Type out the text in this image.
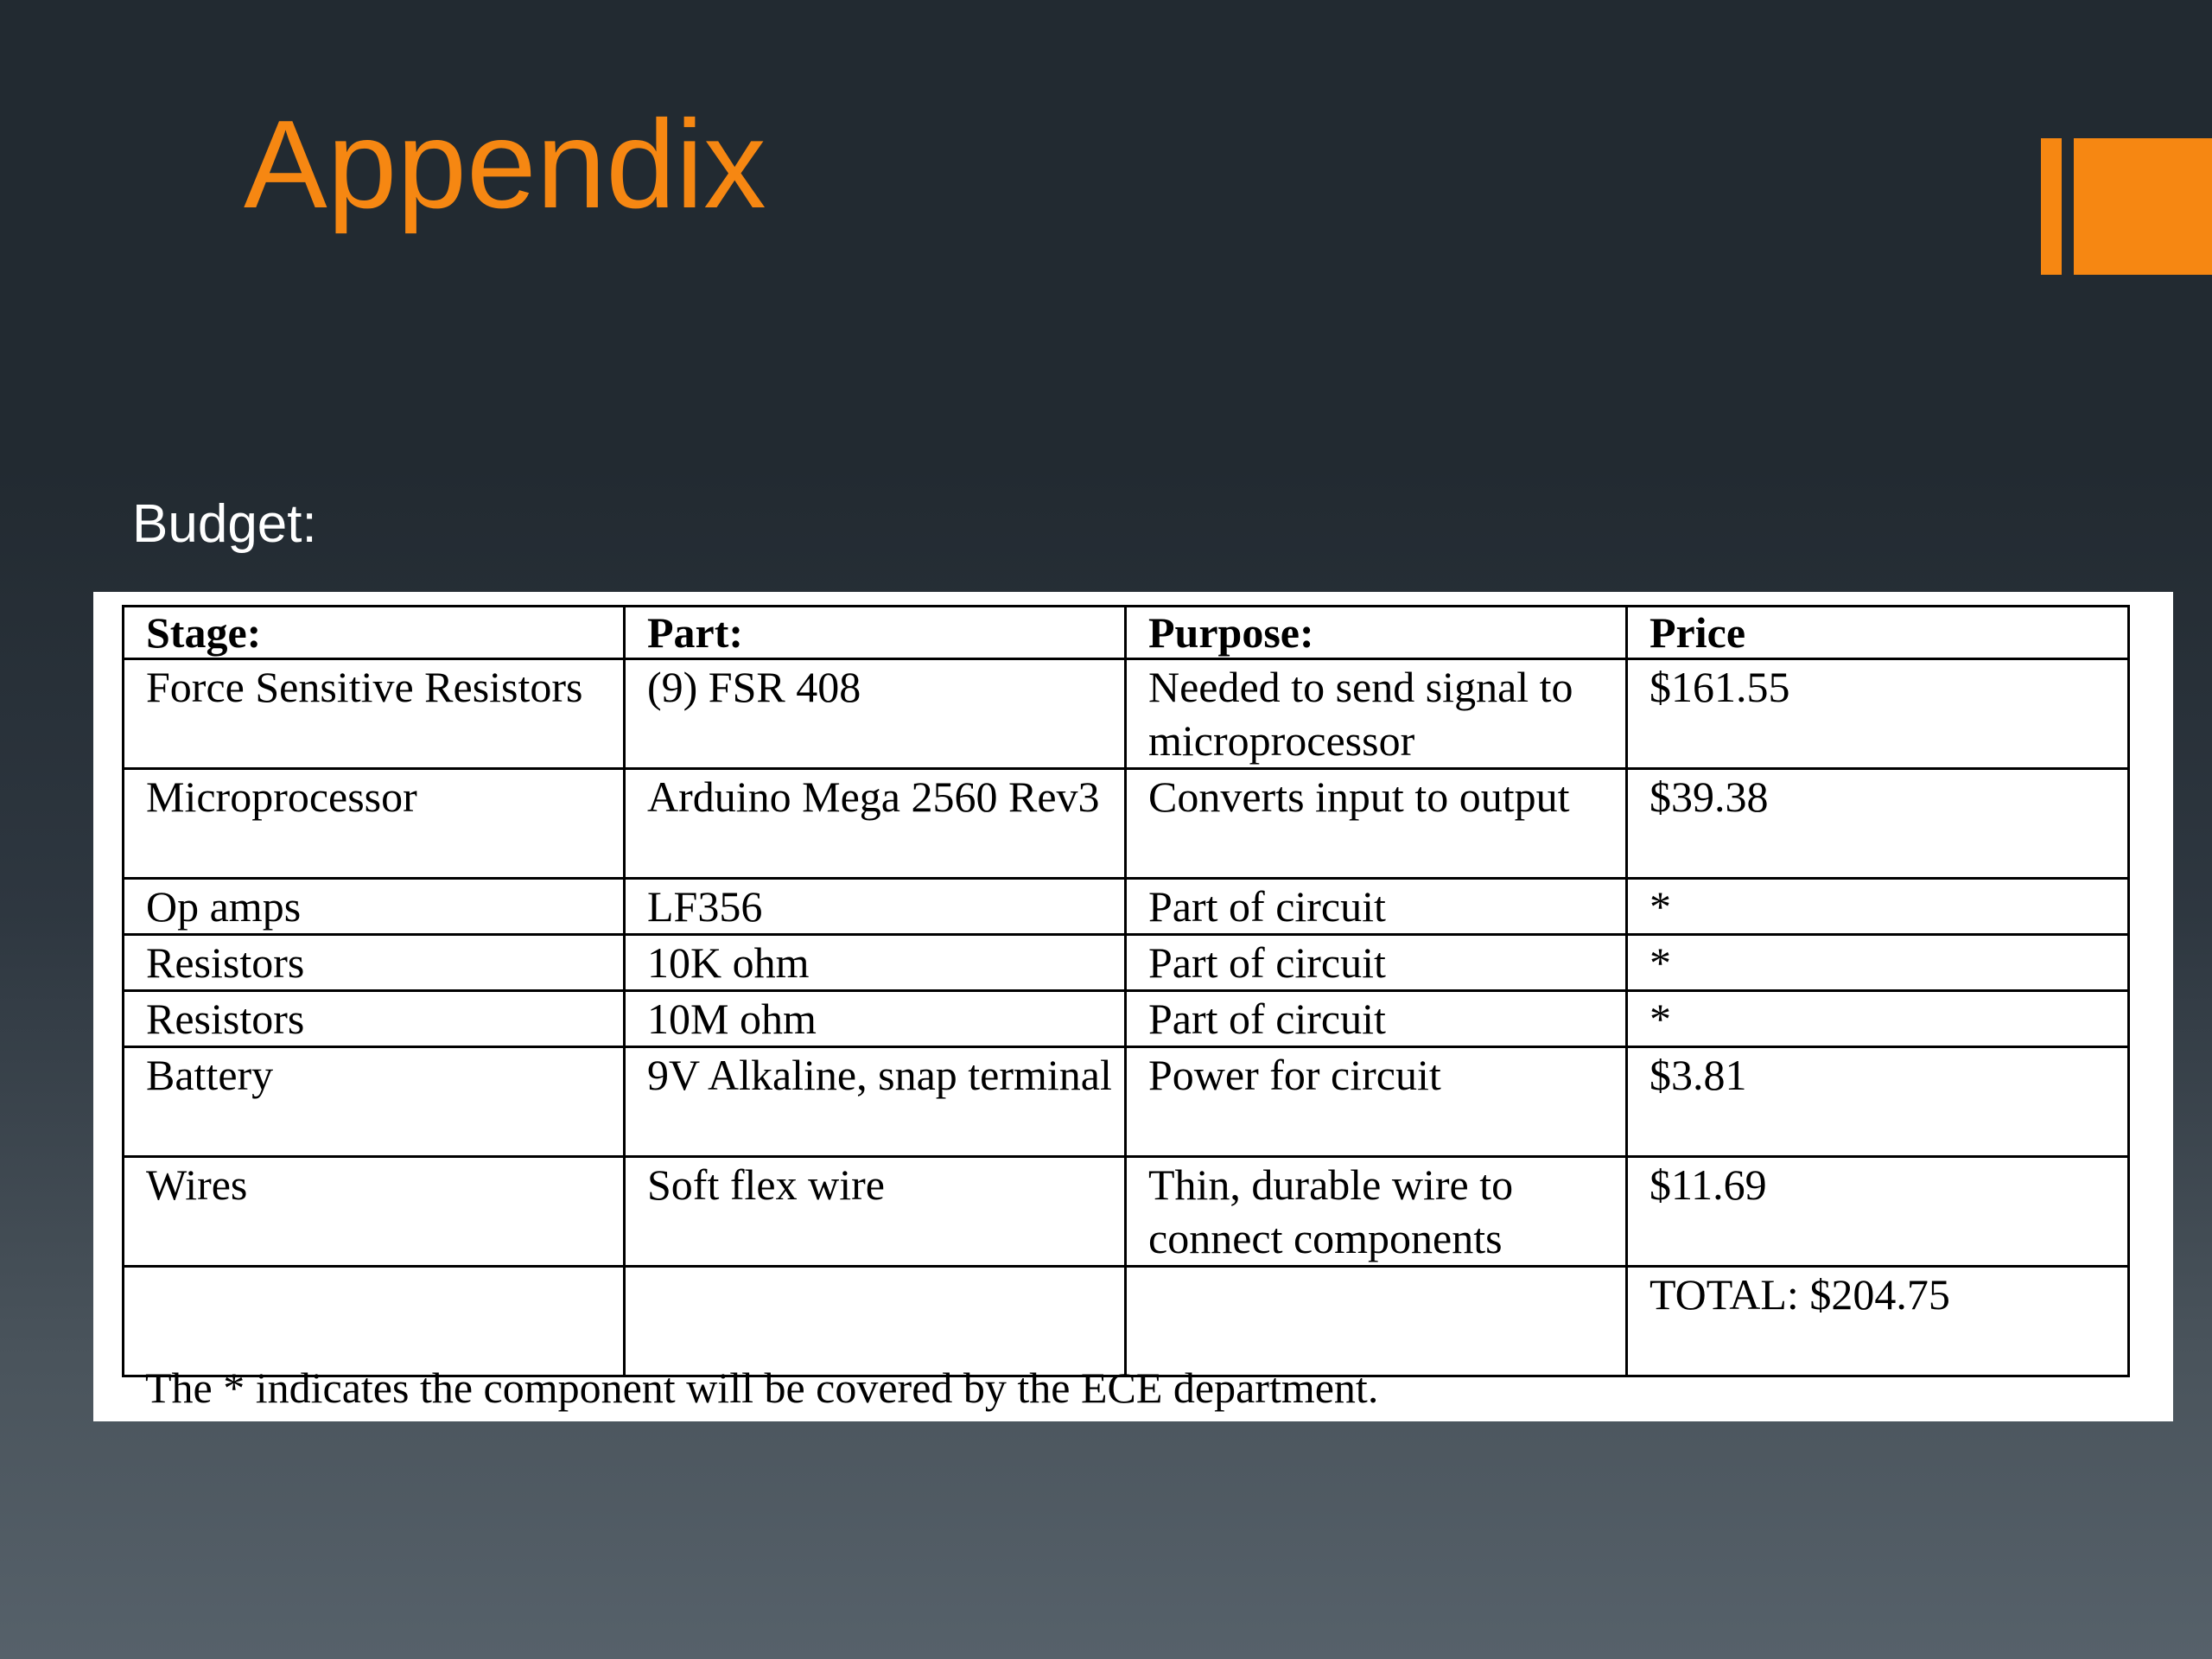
Appendix
Budget:
Stage:	Part:	Purpose:	Price
Force Sensitive Resistors	(9) FSR 408	Needed to send signal to microprocessor	$161.55
Microprocessor	Arduino Mega 2560 Rev3	Converts input to output	$39.38
Op amps	LF356	Part of circuit	*
Resistors	10K ohm	Part of circuit	*
Resistors	10M ohm	Part of circuit	*
Battery	9V Alkaline, snap terminal	Power for circuit	$3.81
Wires	Soft flex wire	Thin, durable wire to connect components	$11.69
			TOTAL: $204.75
The * indicates the component will be covered by the ECE department.
